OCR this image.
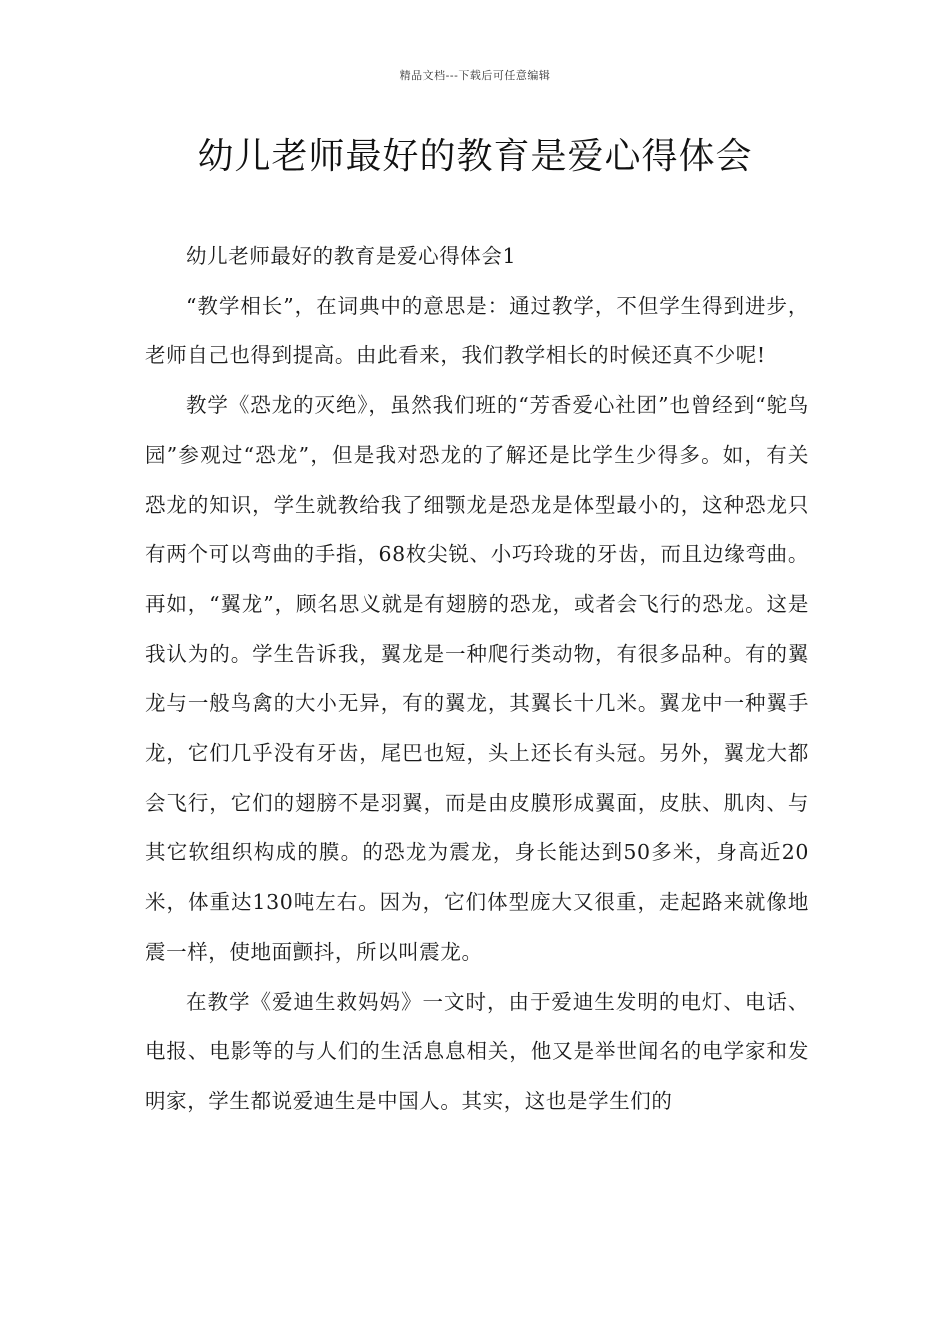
精品文档---下载后可任意编辑
幼儿老师最好的教育是爱心得体会

幼儿老师最好的教育是爱心得体会1

“教学相长”，在词典中的意思是：通过教学，不但学生得到进步，老师自己也得到提高。由此看来，我们教学相长的时候还真不少呢!

教学《恐龙的灭绝》，虽然我们班的“芳香爱心社团”也曾经到“鸵鸟园”参观过“恐龙”，但是我对恐龙的了解还是比学生少得多。如，有关恐龙的知识，学生就教给我了细颚龙是恐龙是体型最小的，这种恐龙只有两个可以弯曲的手指，68枚尖锐、小巧玲珑的牙齿，而且边缘弯曲。再如，“翼龙”，顾名思义就是有翅膀的恐龙，或者会飞行的恐龙。这是我认为的。学生告诉我，翼龙是一种爬行类动物，有很多品种。有的翼龙与一般鸟禽的大小无异，有的翼龙，其翼长十几米。翼龙中一种翼手龙，它们几乎没有牙齿，尾巴也短，头上还长有头冠。另外，翼龙大都会飞行，它们的翅膀不是羽翼，而是由皮膜形成翼面，皮肤、肌肉、与其它软组织构成的膜。的恐龙为震龙，身长能达到50多米，身高近20米，体重达130吨左右。因为，它们体型庞大又很重，走起路来就像地震一样，使地面颤抖，所以叫震龙。

在教学《爱迪生救妈妈》一文时，由于爱迪生发明的电灯、电话、电报、电影等的与人们的生活息息相关，他又是举世闻名的电学家和发明家，学生都说爱迪生是中国人。其实，这也是学生们的
